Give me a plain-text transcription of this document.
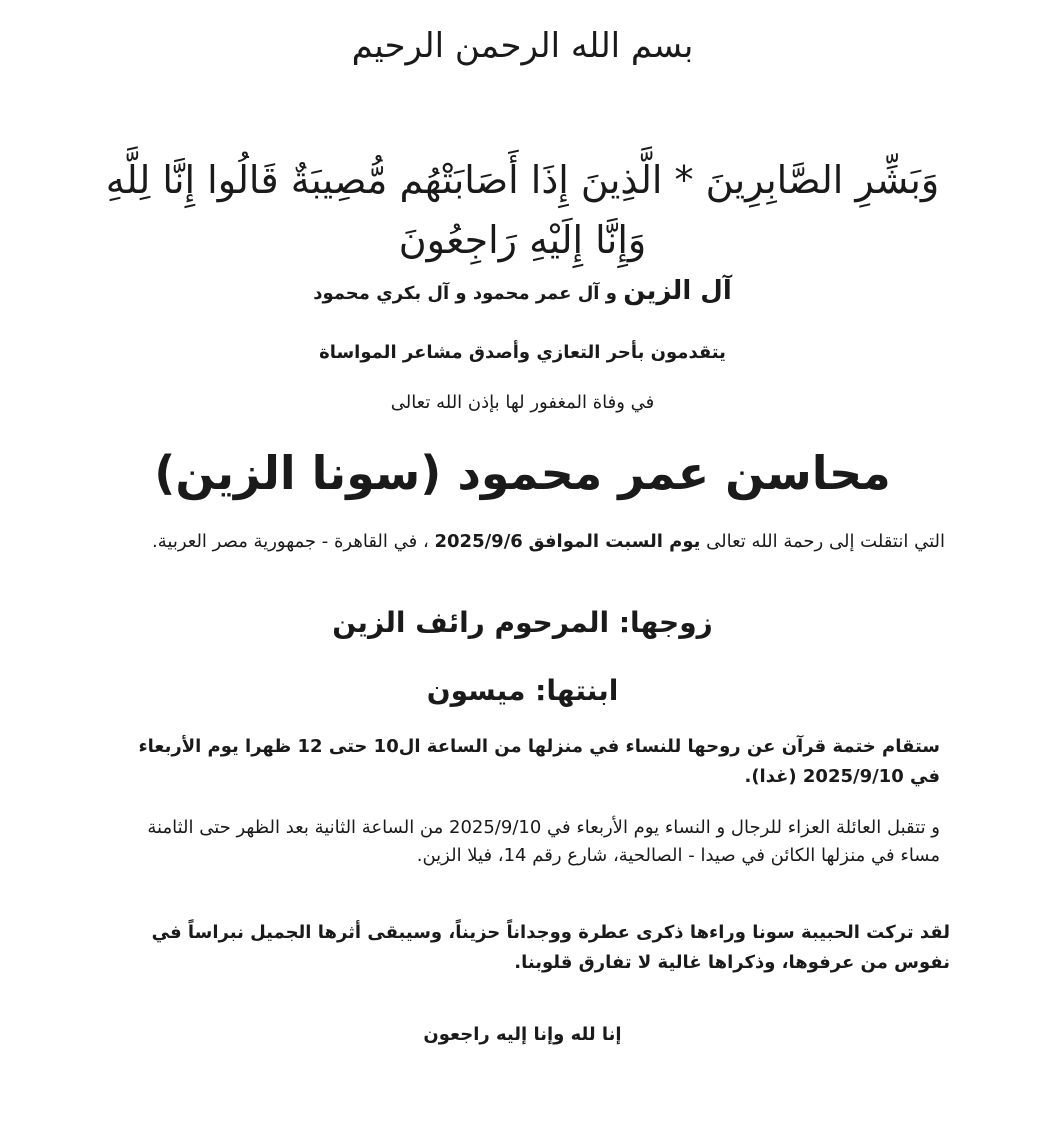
بسم الله الرحمن الرحيم
وَبَشِّرِ الصَّابِرِينَ * الَّذِينَ إِذَا أَصَابَتْهُم مُّصِيبَةٌ قَالُوا إِنَّا لِلَّهِ وَإِنَّا إِلَيْهِ رَاجِعُونَ
آل الزين و آل عمر محمود و آل بكري محمود
يتقدمون بأحر التعازي وأصدق مشاعر المواساة
في وفاة المغفور لها بإذن الله تعالى
محاسن عمر محمود (سونا الزين)
التي انتقلت إلى رحمة الله تعالى يوم السبت الموافق 2025/9/6 ، في القاهرة - جمهورية مصر العربية.
زوجها: المرحوم رائف الزين
ابنتها: ميسون
ستقام ختمة قرآن عن روحها للنساء في منزلها من الساعة ال10 حتى 12 ظهرا يوم الأربعاء في 2025/9/10 (غدا).
و تتقبل العائلة العزاء للرجال و النساء يوم الأربعاء في 2025/9/10 من الساعة الثانية بعد الظهر حتى الثامنة مساء في منزلها الكائن في صيدا - الصالحية، شارع رقم 14، فيلا الزين.
لقد تركت الحبيبة سونا وراءها ذكرى عطرة ووجداناً حزيناً، وسيبقى أثرها الجميل نبراساً في نفوس من عرفوها، وذكراها غالية لا تفارق قلوبنا.
إنا لله وإنا إليه راجعون
